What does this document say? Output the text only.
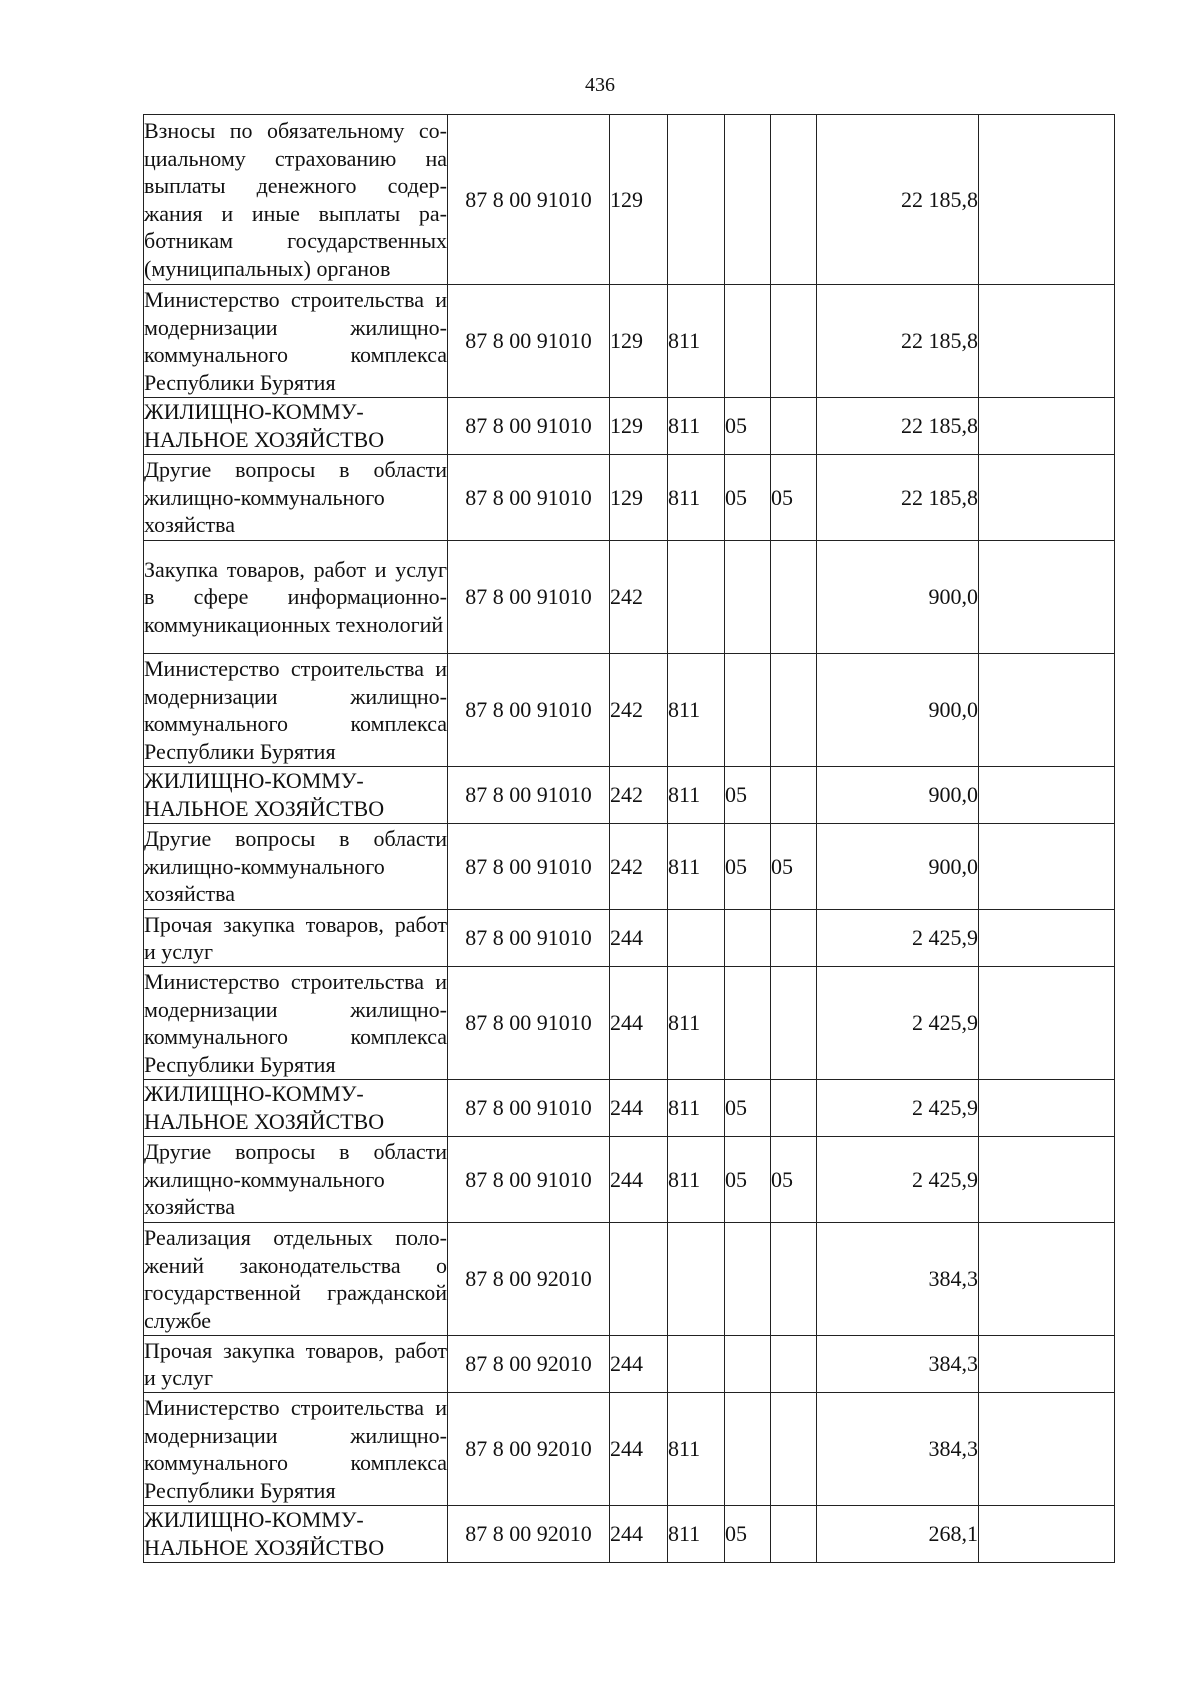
436
Взносы по обязательному социальному страхованию на выплаты денежного содержания и иные выплаты работникам государственных (муниципальных) органов	87 8 00 91010	129				22 185,8	
Министерство строительства и модернизации жилищно-коммунального комплекса Республики Бурятия	87 8 00 91010	129	811			22 185,8	
ЖИЛИЩНО-КОММУНАЛЬНОЕ ХОЗЯЙСТВО	87 8 00 91010	129	811	05		22 185,8	
Другие вопросы в области жилищно-коммунального хозяйства	87 8 00 91010	129	811	05	05	22 185,8	
Закупка товаров, работ и услуг в сфере информационно-коммуникационных технологий	87 8 00 91010	242				900,0	
Министерство строительства и модернизации жилищно-коммунального комплекса Республики Бурятия	87 8 00 91010	242	811			900,0	
ЖИЛИЩНО-КОММУНАЛЬНОЕ ХОЗЯЙСТВО	87 8 00 91010	242	811	05		900,0	
Другие вопросы в области жилищно-коммунального хозяйства	87 8 00 91010	242	811	05	05	900,0	
Прочая закупка товаров, работ и услуг	87 8 00 91010	244				2 425,9	
Министерство строительства и модернизации жилищно-коммунального комплекса Республики Бурятия	87 8 00 91010	244	811			2 425,9	
ЖИЛИЩНО-КОММУНАЛЬНОЕ ХОЗЯЙСТВО	87 8 00 91010	244	811	05		2 425,9	
Другие вопросы в области жилищно-коммунального хозяйства	87 8 00 91010	244	811	05	05	2 425,9	
Реализация отдельных положений законодательства о государственной гражданской службе	87 8 00 92010					384,3	
Прочая закупка товаров, работ и услуг	87 8 00 92010	244				384,3	
Министерство строительства и модернизации жилищно-коммунального комплекса Республики Бурятия	87 8 00 92010	244	811			384,3	
ЖИЛИЩНО-КОММУНАЛЬНОЕ ХОЗЯЙСТВО	87 8 00 92010	244	811	05		268,1	
